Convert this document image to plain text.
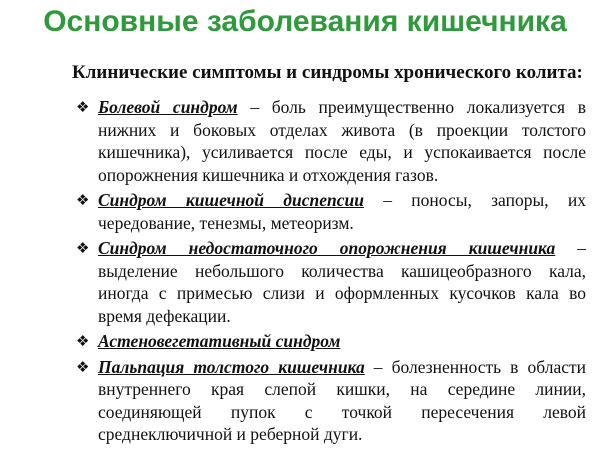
Основные заболевания кишечника
Клинические симптомы и синдромы хронического колита:
❖ Болевой синдром – боль преимущественно локализуется в нижних и боковых отделах живота (в проекции толстого кишечника), усиливается после еды, и успокаивается после опорожнения кишечника и отхождения газов.
❖ Синдром кишечной диспепсии – поносы, запоры, их чередование, тенезмы, метеоризм.
❖ Синдром недостаточного опорожнения кишечника – выделение небольшого количества кашицеобразного кала, иногда с примесью слизи и оформленных кусочков кала во время дефекации.
❖ Астеновегетативный синдром
❖ Пальпация толстого кишечника – болезненность в области внутреннего края слепой кишки, на середине линии, соединяющей пупок с точкой пересечения левой среднеключичной и реберной дуги.
